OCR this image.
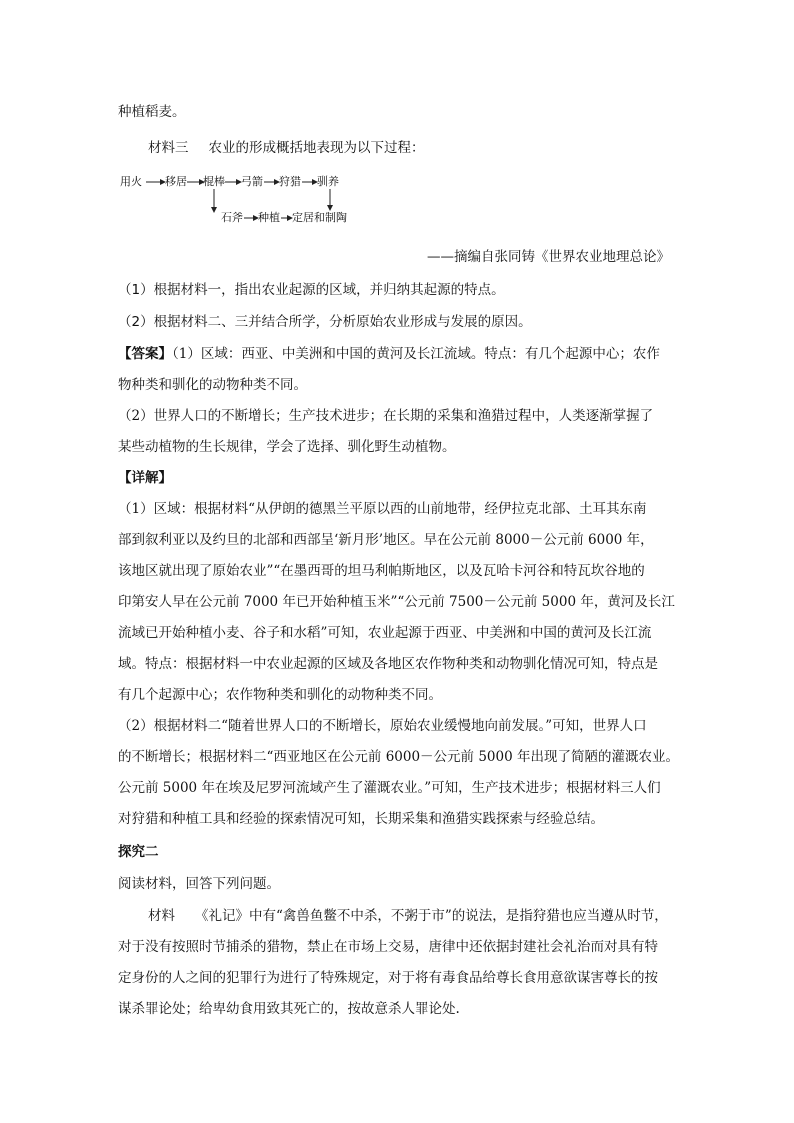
种植稻麦。
材料三 农业的形成概括地表现为以下过程：
用火 移居 棍棒 弓箭 狩猎 驯养
石斧 种植 定居和制陶
——摘编自张同铸《世界农业地理总论》
（1）根据材料一，指出农业起源的区域，并归纳其起源的特点。
（2）根据材料二、三并结合所学，分析原始农业形成与发展的原因。
【答案】（1）区域：西亚、中美洲和中国的黄河及长江流域。特点：有几个起源中心；农作
物种类和驯化的动物种类不同。
（2）世界人口的不断增长；生产技术进步；在长期的采集和渔猎过程中，人类逐渐掌握了
某些动植物的生长规律，学会了选择、驯化野生动植物。
【详解】
（1）区域：根据材料“从伊朗的德黑兰平原以西的山前地带，经伊拉克北部、土耳其东南
部到叙利亚以及约旦的北部和西部呈‘新月形’地区。早在公元前 8000－公元前 6000 年，
该地区就出现了原始农业”“在墨西哥的坦马利帕斯地区，以及瓦哈卡河谷和特瓦坎谷地的
印第安人早在公元前 7000 年已开始种植玉米”“公元前 7500－公元前 5000 年，黄河及长江
流域已开始种植小麦、谷子和水稻”可知，农业起源于西亚、中美洲和中国的黄河及长江流
域。特点：根据材料一中农业起源的区域及各地区农作物种类和动物驯化情况可知，特点是
有几个起源中心；农作物种类和驯化的动物种类不同。
（2）根据材料二“随着世界人口的不断增长，原始农业缓慢地向前发展。”可知，世界人口
的不断增长；根据材料二“西亚地区在公元前 6000－公元前 5000 年出现了简陋的灌溉农业。
公元前 5000 年在埃及尼罗河流域产生了灌溉农业。”可知，生产技术进步；根据材料三人们
对狩猎和种植工具和经验的探索情况可知，长期采集和渔猎实践探索与经验总结。
探究二
阅读材料，回答下列问题。
材料 《礼记》中有“禽兽鱼鳖不中杀，不粥于市”的说法，是指狩猎也应当遵从时节，
对于没有按照时节捕杀的猎物，禁止在市场上交易，唐律中还依据封建社会礼治而对具有特
定身份的人之间的犯罪行为进行了特殊规定，对于将有毒食品给尊长食用意欲谋害尊长的按
谋杀罪论处；给卑幼食用致其死亡的，按故意杀人罪论处.
